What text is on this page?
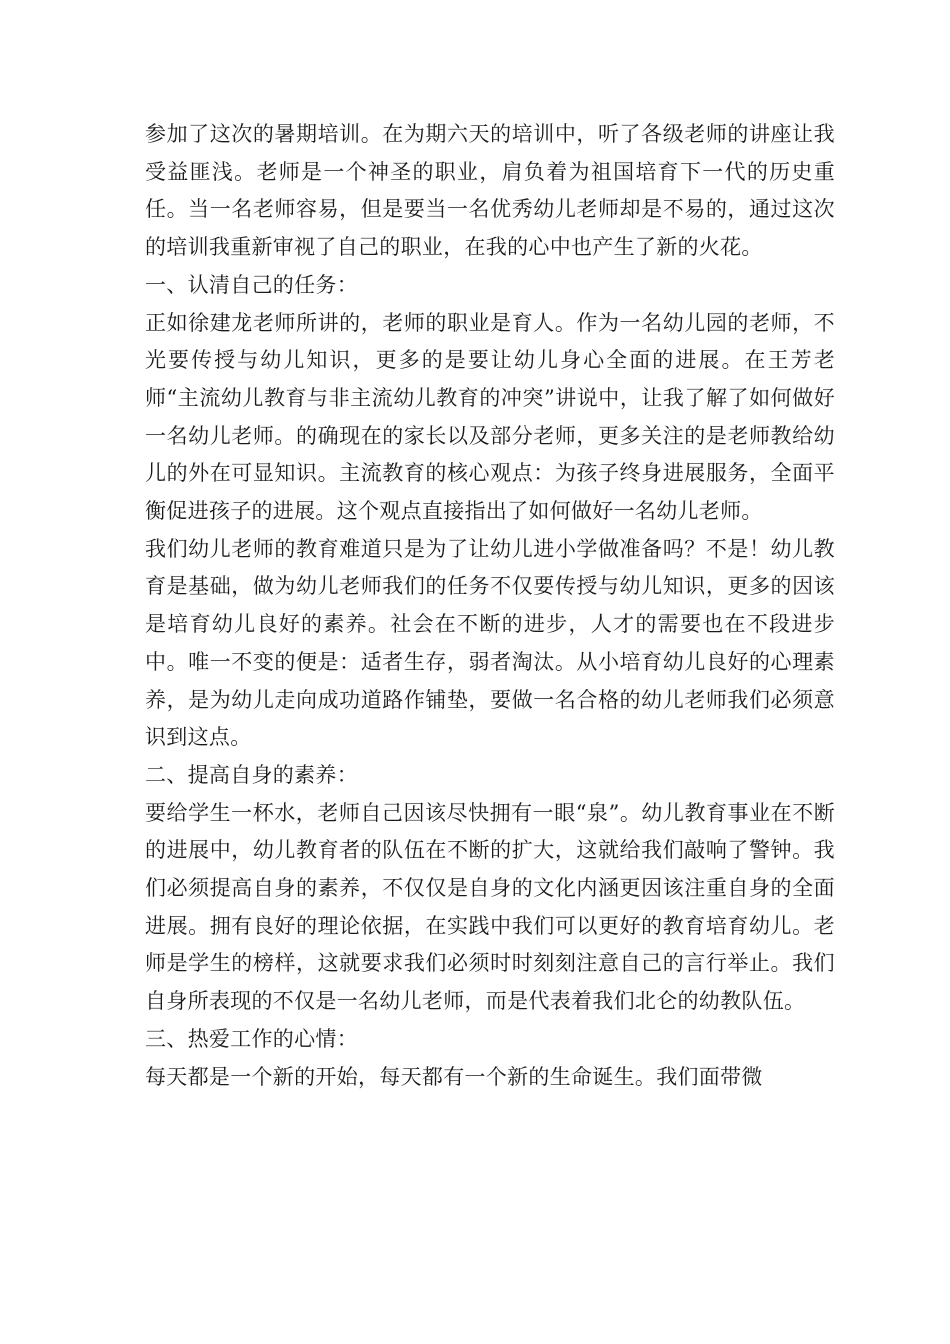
参加了这次的暑期培训。在为期六天的培训中，听了各级老师的讲座让我受益匪浅。老师是一个神圣的职业，肩负着为祖国培育下一代的历史重任。当一名老师容易，但是要当一名优秀幼儿老师却是不易的，通过这次的培训我重新审视了自己的职业，在我的心中也产生了新的火花。

一、认清自己的任务：

正如徐建龙老师所讲的，老师的职业是育人。作为一名幼儿园的老师，不光要传授与幼儿知识，更多的是要让幼儿身心全面的进展。在王芳老师“主流幼儿教育与非主流幼儿教育的冲突”讲说中，让我了解了如何做好一名幼儿老师。的确现在的家长以及部分老师，更多关注的是老师教给幼儿的外在可显知识。主流教育的核心观点：为孩子终身进展服务，全面平衡促进孩子的进展。这个观点直接指出了如何做好一名幼儿老师。

我们幼儿老师的教育难道只是为了让幼儿进小学做准备吗？不是！幼儿教育是基础，做为幼儿老师我们的任务不仅要传授与幼儿知识，更多的因该是培育幼儿良好的素养。社会在不断的进步，人才的需要也在不段进步中。唯一不变的便是：适者生存，弱者淘汰。从小培育幼儿良好的心理素养，是为幼儿走向成功道路作铺垫，要做一名合格的幼儿老师我们必须意识到这点。

二、提高自身的素养：

要给学生一杯水，老师自己因该尽快拥有一眼“泉”。幼儿教育事业在不断的进展中，幼儿教育者的队伍在不断的扩大，这就给我们敲响了警钟。我们必须提高自身的素养，不仅仅是自身的文化内涵更因该注重自身的全面进展。拥有良好的理论依据，在实践中我们可以更好的教育培育幼儿。老师是学生的榜样，这就要求我们必须时时刻刻注意自己的言行举止。我们自身所表现的不仅是一名幼儿老师，而是代表着我们北仑的幼教队伍。

三、热爱工作的心情：

每天都是一个新的开始，每天都有一个新的生命诞生。我们面带微
